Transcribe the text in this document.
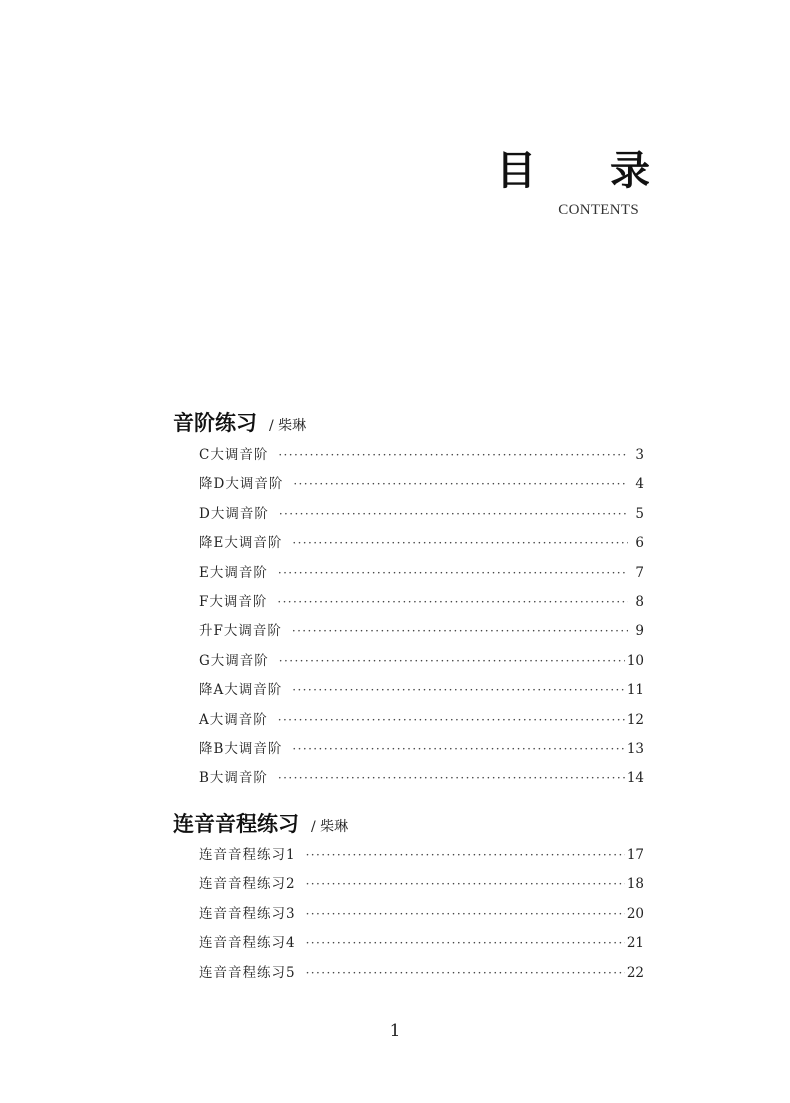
目 录
CONTENTS
音阶练习 / 柴琳
C大调音阶 ·····	3
降D大调音阶 ·····	4
D大调音阶 ·····	5
降E大调音阶 ·····	6
E大调音阶 ·····	7
F大调音阶 ·····	8
升F大调音阶 ·····	9
G大调音阶 ·····	10
降A大调音阶 ·····	11
A大调音阶 ·····	12
降B大调音阶 ·····	13
B大调音阶 ·····	14
连音音程练习 / 柴琳
连音音程练习1 ·····	17
连音音程练习2 ·····	18
连音音程练习3 ·····	20
连音音程练习4 ·····	21
连音音程练习5 ·····	22
1
